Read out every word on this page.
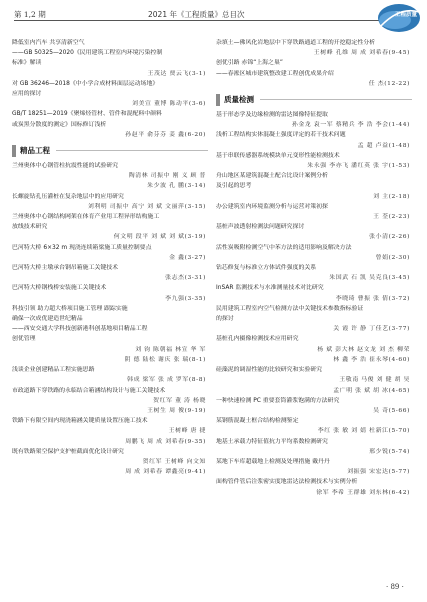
第 1,2 期	2021 年《工程质量》总目次	工程质量
降低室内汽车 共享清新空气
——GB 50325—2020《民用建筑工程室内环境污染控制
标准》解读
王茂达 贾云飞(3-1)
对 GB 36246—2018《中小学合成材料面层运动场地》
应用的探讨
刘美宣 董博 陈动平(3-6)
GB/T 18251—2019《聚烯烃管材、管件和混配料中颜料
或炭黑分散度的测定》国标修订浅析
孙赵平 俞芬芬 姜 鑫(6-20)
精品工程
兰州奥体中心钢管柱抗震性能的试验研究
陶清林 司振中 刚 义 顾 普
朱少波 孔 鹏(3-14)
长螺旋钻孔压灌桩在复杂地层中的应用研究
刘利明 司振中 高宁 刘 斌 文丽萍(3-15)
兰州奥体中心钢结构网架在体育产业用工程异形结构施工
放线技术研究
何文明 段平 刘 斌 刘 斌(3-19)
巴河特大桥 6×32 m 现浇连续箱梁施工质量控制要点
金 鑫(3-27)
巴河特大桥主墩承台钢吊箱施工关键技术
张志杰(3-31)
巴河特大桥钢栈桥安装施工关键技术
李九强(3-35)
科技引领 助力超大桥项目施工管理 跟踪实施
确保一次成优建造世纪精品
——西安交通大学科技创新港科创基地项目精品工程
创优管理
刘 钧 陈朝福 林宣 华 军
阴 德 陆松 谢庆 张 瑞(8-1)
浅谈企业创建精品工程实施思路
韩成 梁军 张 成 罗军(8-8)
市政道路下穿铁路的永临结合箱涵结构设计与施工关键技术
贺红军 董 涛 杨晓
王树生 周 俊(9-19)
铁路下有限空间内现浇箱涵关键质量设置压施工技术
王树峰 唐 捷
周鹏飞 周 成 刘希春(9-35)
既有铁路架空保护支护桩截面优化设计研究
贺红军 王树峰 向文知
周 成 刘希春 谭鑫亮(9-41)
杂填土—佛风化岩地层中下穿铁路通道工程的开挖稳定性分析
王树峰 孔维 周 成 刘希春(9-45)
创优引路 赤锦“上海之巢”
——春淞区城市建筑整改建工程创优成果介绍
任 杰(12-22)
质量检测
基于形态学及边缘检测的雷达图像特征提取
孙金龙 袁一军 蔡精兵 李 浩 李会(1-44)
浅析工程结构实体混凝土强度评定的若干技术问题
孟 超 卢益(1-48)
基于串联传感器系统模块单元变形性能检测技术
朱永强 李亦飞 潘红英 张 宇(1-53)
舟山地区某建筑混凝土配合比设计案例分析
及引起的思考
刘 主(2-18)
办公建筑室内环境监测分析与运营对策初探
王 荃(2-23)
基桩声波透射检测法问题研究探讨
张小清(2-26)
活性炭吸附检测空气中苯方法的适用影响及解决方法
曾娟(2-30)
钻芯修复与标准立方体试件强度的关系
朱国武 石 凯 吴克良(3-45)
InSAR 监测技术与水准测量技术对比研究
李晓琦 曹振 张 倩(3-72)
民用建筑工程室内空气检测方法中关键技术参数指标验证
的探讨
关 霞 许 静 丁佳艺(3-77)
基桩孔内摄像检测技术应用研究
杨 斌 彭大林 赵文龙 刘 杰 柳荣
林 鑫 李 浩 崔永琴(4-60)
硅藻泥的调湿性能的比较研究和实验研究
王敬南 马俊 刘 健 胡 昊
孟广明 张 斌 胡 冰(4-65)
一种快速检测 PC 重要套筒灌浆饱满的方法研究
吴 奇(5-66)
某钢筋混凝土框合结构检测鉴定
李红 张 敏 刘 婧 杜新江(5-70)
地基土承载力特征值抗力平均系数检测研究
邢少锐(5-74)
某地下车库超载地上检测及处理措施 戴丹丹
刘振强 宋宏达(5-77)
面构管件管后注浆密实度地雷达法检测技术与实例分析
徐军 李希 王群雄 刘东林(6-42)
· 89 ·
